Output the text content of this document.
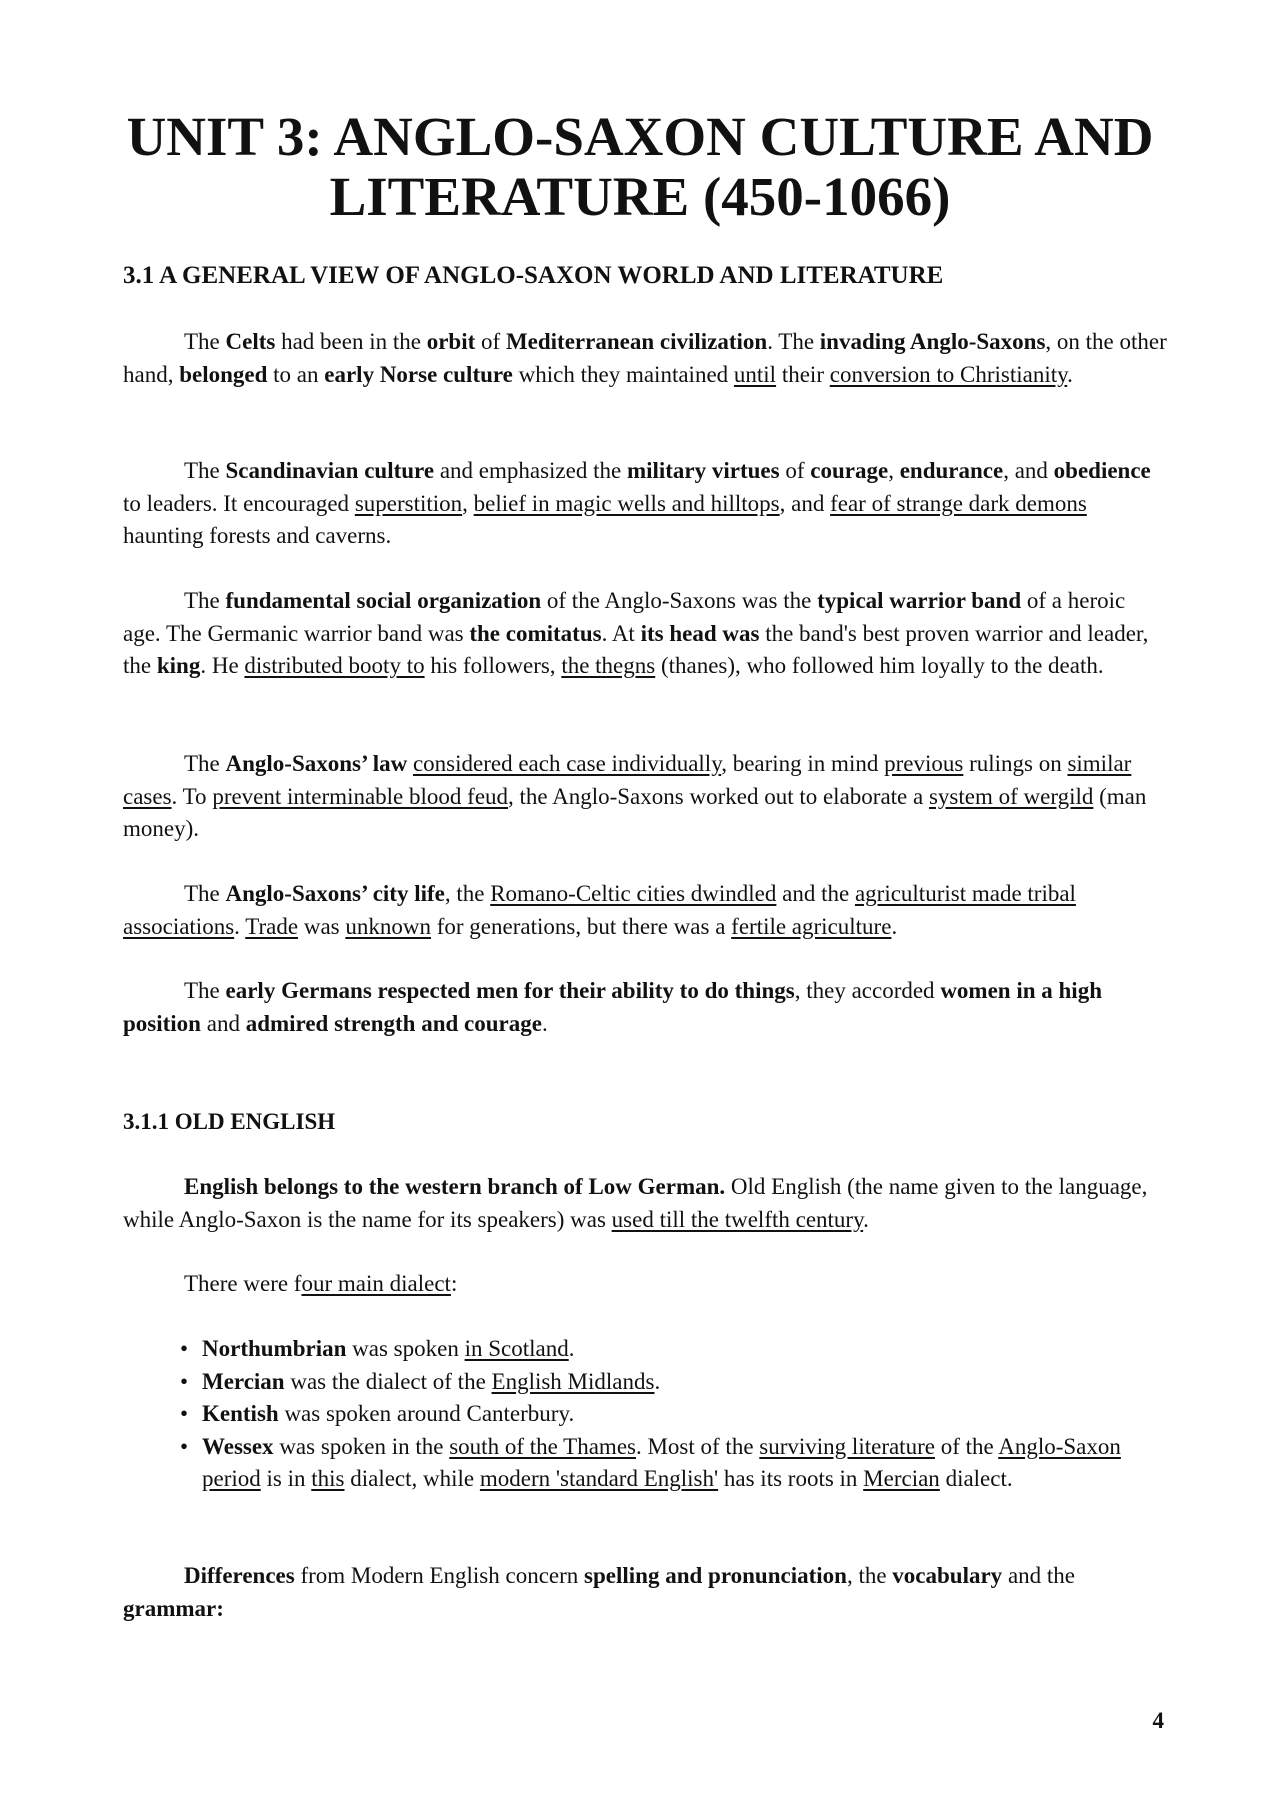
UNIT 3: ANGLO-SAXON CULTURE AND
LITERATURE (450-1066)
3.1 A GENERAL VIEW OF ANGLO-SAXON WORLD AND LITERATURE

The Celts had been in the orbit of Mediterranean civilization. The invading Anglo-Saxons, on the other hand, belonged to an early Norse culture which they maintained until their conversion to Christianity.

The Scandinavian culture and emphasized the military virtues of courage, endurance, and obedience to leaders. It encouraged superstition, belief in magic wells and hilltops, and fear of strange dark demons haunting forests and caverns.

The fundamental social organization of the Anglo-Saxons was the typical warrior band of a heroic age. The Germanic warrior band was the comitatus. At its head was the band's best proven warrior and leader, the king. He distributed booty to his followers, the thegns (thanes), who followed him loyally to the death.

The Anglo-Saxons’ law considered each case individually, bearing in mind previous rulings on similar cases. To prevent interminable blood feud, the Anglo-Saxons worked out to elaborate a system of wergild (man money).

The Anglo-Saxons’ city life, the Romano-Celtic cities dwindled and the agriculturist made tribal associations. Trade was unknown for generations, but there was a fertile agriculture.

The early Germans respected men for their ability to do things, they accorded women in a high position and admired strength and courage.

3.1.1 OLD ENGLISH

English belongs to the western branch of Low German. Old English (the name given to the language, while Anglo-Saxon is the name for its speakers) was used till the twelfth century.

There were four main dialect:

• Northumbrian was spoken in Scotland.
• Mercian was the dialect of the English Midlands.
• Kentish was spoken around Canterbury.
• Wessex was spoken in the south of the Thames. Most of the surviving literature of the Anglo-Saxon period is in this dialect, while modern 'standard English' has its roots in Mercian dialect.

Differences from Modern English concern spelling and pronunciation, the vocabulary and the grammar:

4
